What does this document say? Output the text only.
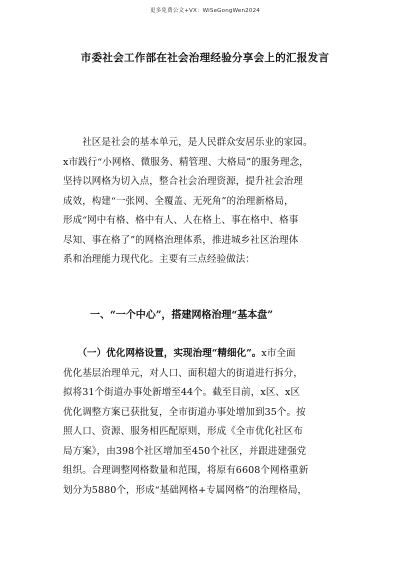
更多免费公文+VX：WiSeGongWen2024
市委社会工作部在社会治理经验分享会上的汇报发言
　　社区是社会的基本单元，是人民群众安居乐业的家园。
x市践行“小网格、微服务、精管理、大格局”的服务理念，
坚持以网格为切入点，整合社会治理资源，提升社会治理
成效，构建“一张网、全覆盖、无死角”的治理新格局，
形成“网中有格、格中有人、人在格上、事在格中、格事
尽知、事在格了”的网格治理体系，推进城乡社区治理体
系和治理能力现代化。主要有三点经验做法：
一、“一个中心”，搭建网格治理“基本盘”
　　（一）优化网格设置，实现治理“精细化”。x市全面
优化基层治理单元，对人口、面积超大的街道进行拆分，
拟将31个街道办事处新增至44个。截至目前，x区、x区
优化调整方案已获批复，全市街道办事处增加到35个。按
照人口、资源、服务相匹配原则，形成《全市优化社区布
局方案》，由398个社区增加至450个社区，并跟进建强党
组织。合理调整网格数量和范围，将原有6608个网格重新
划分为5880个，形成“基础网格+专属网格”的治理格局，
